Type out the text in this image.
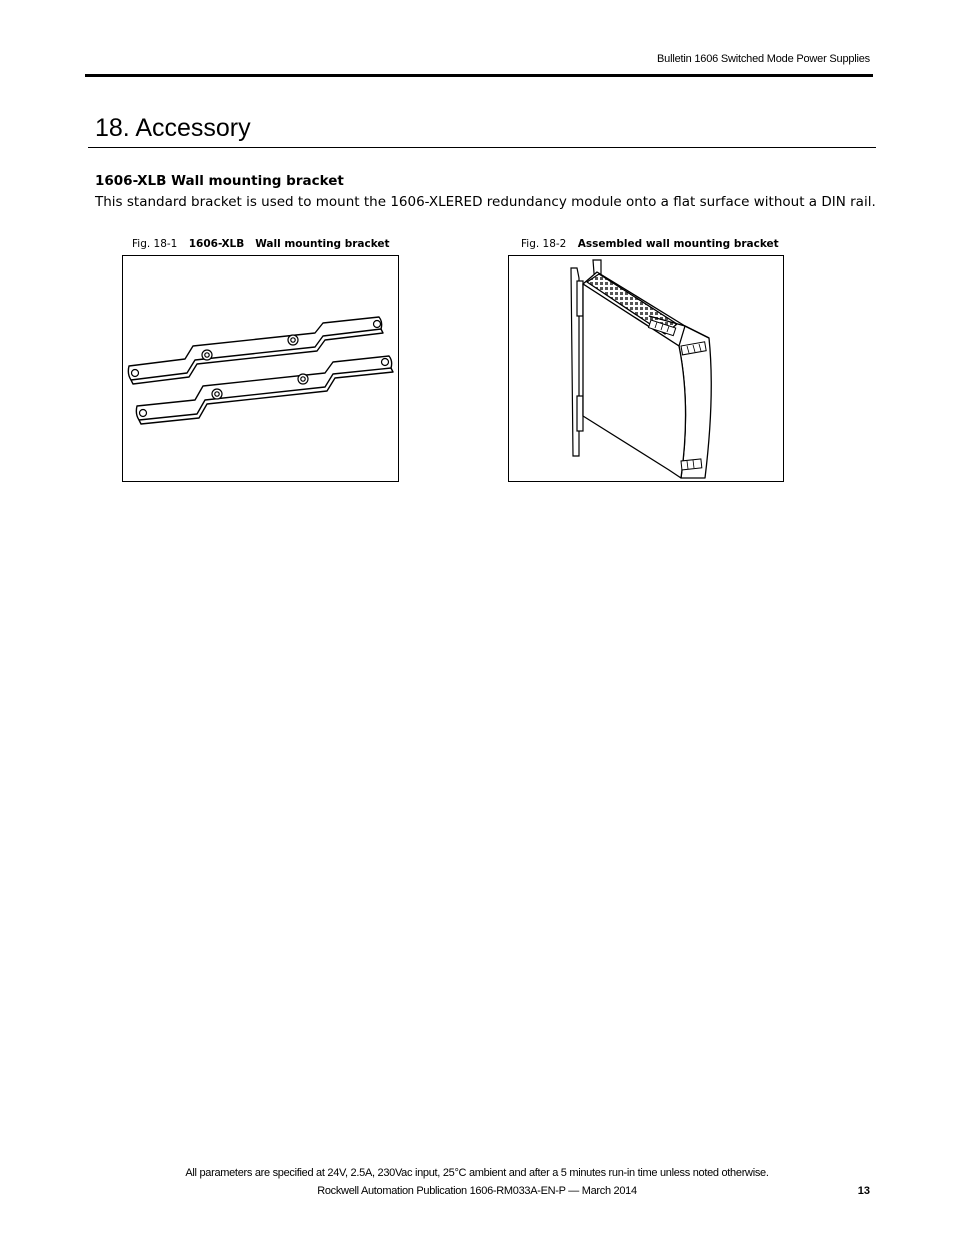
Bulletin 1606 Switched Mode Power Supplies
18. Accessory
1606-XLB Wall mounting bracket

This standard bracket is used to mount the 1606-XLERED redundancy module onto a flat surface without a DIN rail.

Fig. 18-1 1606-XLB   Wall mounting bracket	Fig. 18-2 Assembled wall mounting bracket
All parameters are specified at 24V, 2.5A, 230Vac input, 25°C ambient and after a 5 minutes run-in time unless noted otherwise.
Rockwell Automation Publication 1606-RM033A-EN-P — March 2014	13
